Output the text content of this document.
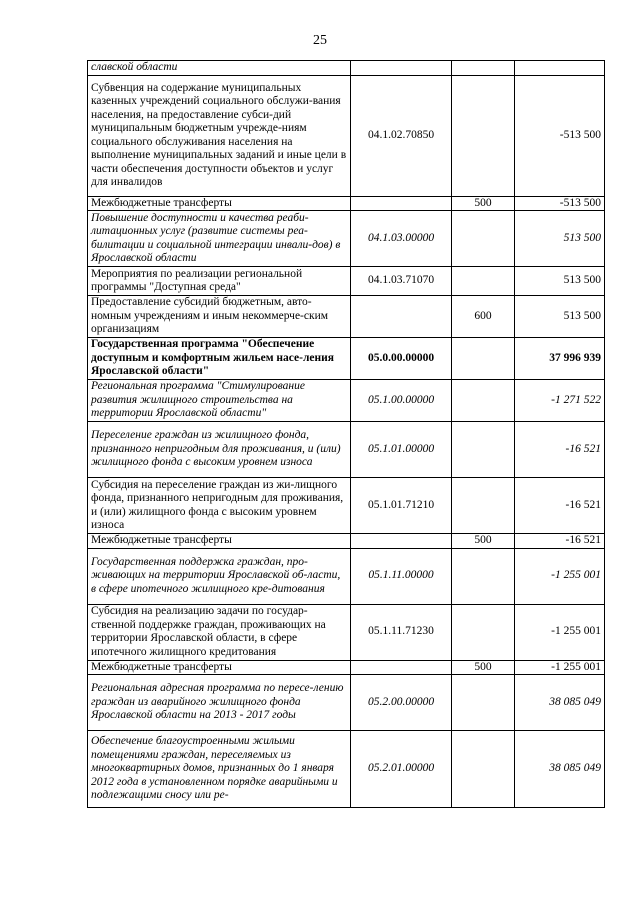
25
славской области			
Субвенция на содержание муниципальных казенных учреждений социального обслужи-вания населения, на предоставление субси-дий муниципальным бюджетным учрежде-ниям социального обслуживания населения на выполнение муниципальных заданий и иные цели в части обеспечения доступности объектов и услуг для инвалидов	04.1.02.70850		-513 500
Межбюджетные трансферты		500	-513 500
Повышение доступности и качества реаби-литационных услуг (развитие системы реа-билитации и социальной интеграции инвали-дов) в Ярославской области	04.1.03.00000		513 500
Мероприятия по реализации региональной программы "Доступная среда"	04.1.03.71070		513 500
Предоставление субсидий бюджетным, авто-номным учреждениям и иным некоммерче-ским организациям		600	513 500
Государственная программа "Обеспечение доступным и комфортным жильем насе-ления Ярославской области"	05.0.00.00000		37 996 939
Региональная программа "Стимулирование развития жилищного строительства на территории Ярославской области"	05.1.00.00000		-1 271 522
Переселение граждан из жилищного фонда, признанного непригодным для проживания, и (или) жилищного фонда с высоким уровнем износа	05.1.01.00000		-16 521
Субсидия на переселение граждан из жи-лищного фонда, признанного непригодным для проживания, и (или) жилищного фонда с высоким уровнем износа	05.1.01.71210		-16 521
Межбюджетные трансферты		500	-16 521
Государственная поддержка граждан, про-живающих на территории Ярославской об-ласти, в сфере ипотечного жилищного кре-дитования	05.1.11.00000		-1 255 001
Субсидия на реализацию задачи по государ-ственной поддержке граждан, проживающих на территории Ярославской области, в сфере ипотечного жилищного кредитования	05.1.11.71230		-1 255 001
Межбюджетные трансферты		500	-1 255 001
Региональная адресная программа по пересе-лению граждан из аварийного жилищного фонда Ярославской области на 2013 - 2017 годы	05.2.00.00000		38 085 049
Обеспечение благоустроенными жилыми помещениями граждан, переселяемых из многоквартирных домов, признанных до 1 января 2012 года в установленном порядке аварийными и подлежащими сносу или ре-	05.2.01.00000		38 085 049
